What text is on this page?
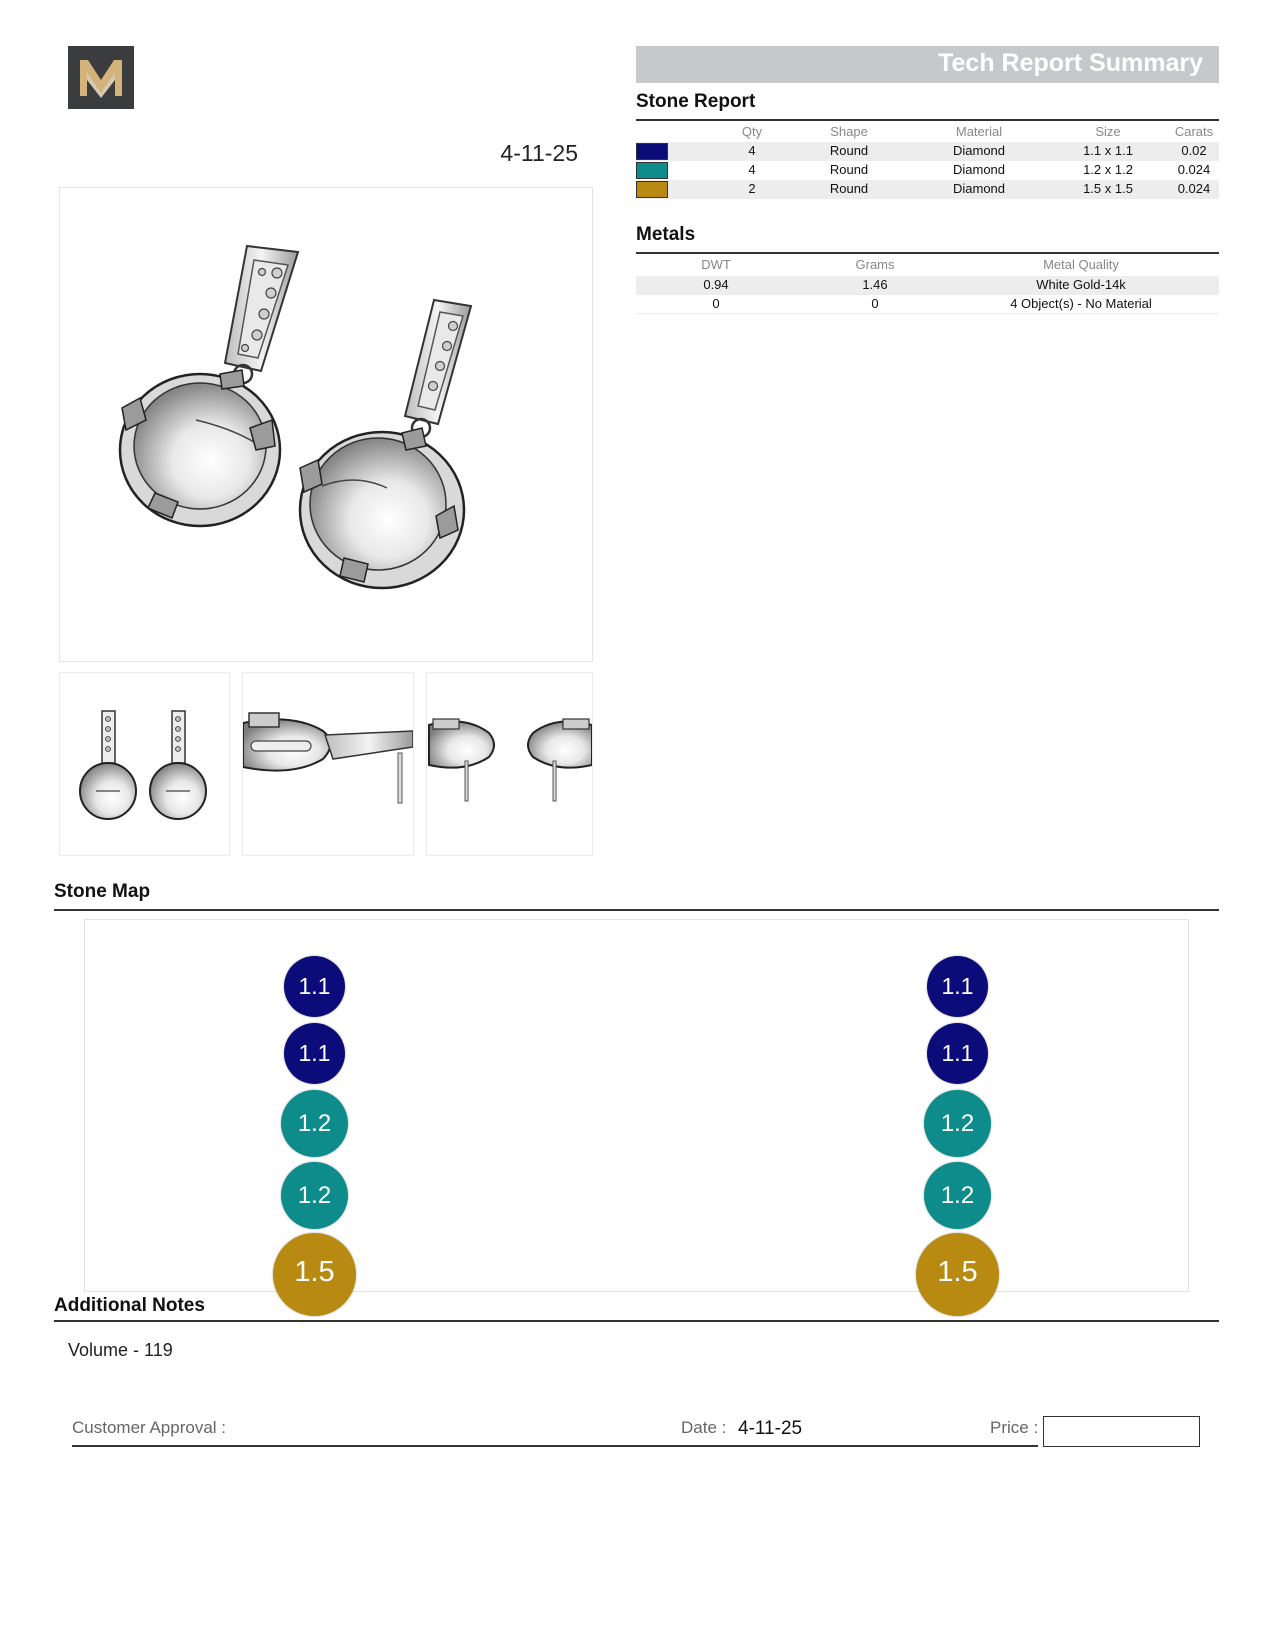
4-11-25
Tech Report Summary
Stone Report
Qty	Shape	Material	Size	Carats
4	Round	Diamond	1.1 x 1.1	0.02
4	Round	Diamond	1.2 x 1.2	0.024
2	Round	Diamond	1.5 x 1.5	0.024
Metals
DWT	Grams	Metal Quality
0.94	1.46	White Gold-14k
0	0	4 Object(s) - No Material
Stone Map
1.1
1.1
1.2
1.2
1.5
1.1
1.1
1.2
1.2
1.5
Additional Notes
Volume - 119
Customer Approval :	Date : 4-11-25	Price :
